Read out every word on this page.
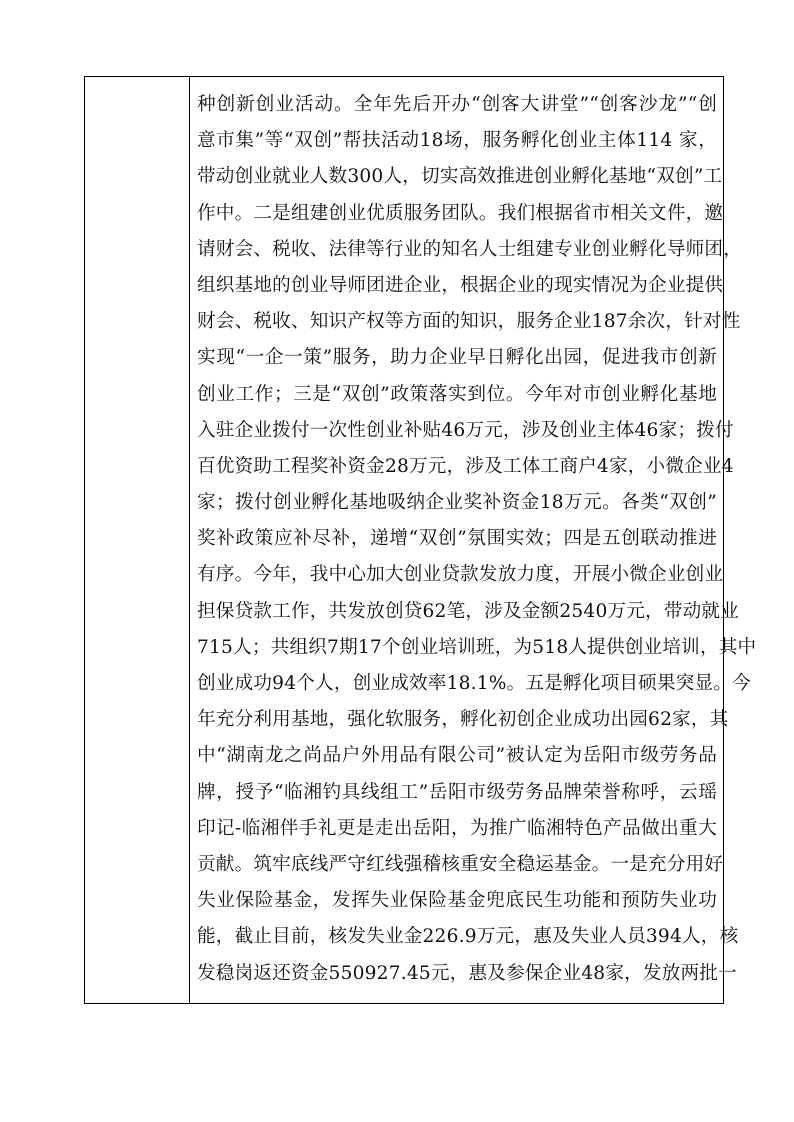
种创新创业活动。全年先后开办“创客大讲堂”“创客沙龙”“创
意市集”等“双创”帮扶活动18场，服务孵化创业主体114 家，
带动创业就业人数300人，切实高效推进创业孵化基地“双创”工
作中。二是组建创业优质服务团队。我们根据省市相关文件，邀
请财会、税收、法律等行业的知名人士组建专业创业孵化导师团，
组织基地的创业导师团进企业，根据企业的现实情况为企业提供
财会、税收、知识产权等方面的知识，服务企业187余次，针对性
实现“一企一策”服务，助力企业早日孵化出园，促进我市创新
创业工作；三是“双创”政策落实到位。今年对市创业孵化基地
入驻企业拨付一次性创业补贴46万元，涉及创业主体46家；拨付
百优资助工程奖补资金28万元，涉及工体工商户4家，小微企业4
家；拨付创业孵化基地吸纳企业奖补资金18万元。各类“双创”
奖补政策应补尽补，递增“双创”氛围实效；四是五创联动推进
有序。今年，我中心加大创业贷款发放力度，开展小微企业创业
担保贷款工作，共发放创贷62笔，涉及金额2540万元，带动就业
715人；共组织7期17个创业培训班，为518人提供创业培训，其中
创业成功94个人，创业成效率18.1%。五是孵化项目硕果突显。今
年充分利用基地，强化软服务，孵化初创企业成功出园62家，其
中“湖南龙之尚品户外用品有限公司”被认定为岳阳市级劳务品
牌，授予“临湘钓具线组工”岳阳市级劳务品牌荣誉称呼，云瑶
印记-临湘伴手礼更是走出岳阳，为推广临湘特色产品做出重大
贡献。筑牢底线严守红线强稽核重安全稳运基金。一是充分用好
失业保险基金，发挥失业保险基金兜底民生功能和预防失业功
能，截止目前，核发失业金226.9万元，惠及失业人员394人，核
发稳岗返还资金550927.45元，惠及参保企业48家，发放两批一
